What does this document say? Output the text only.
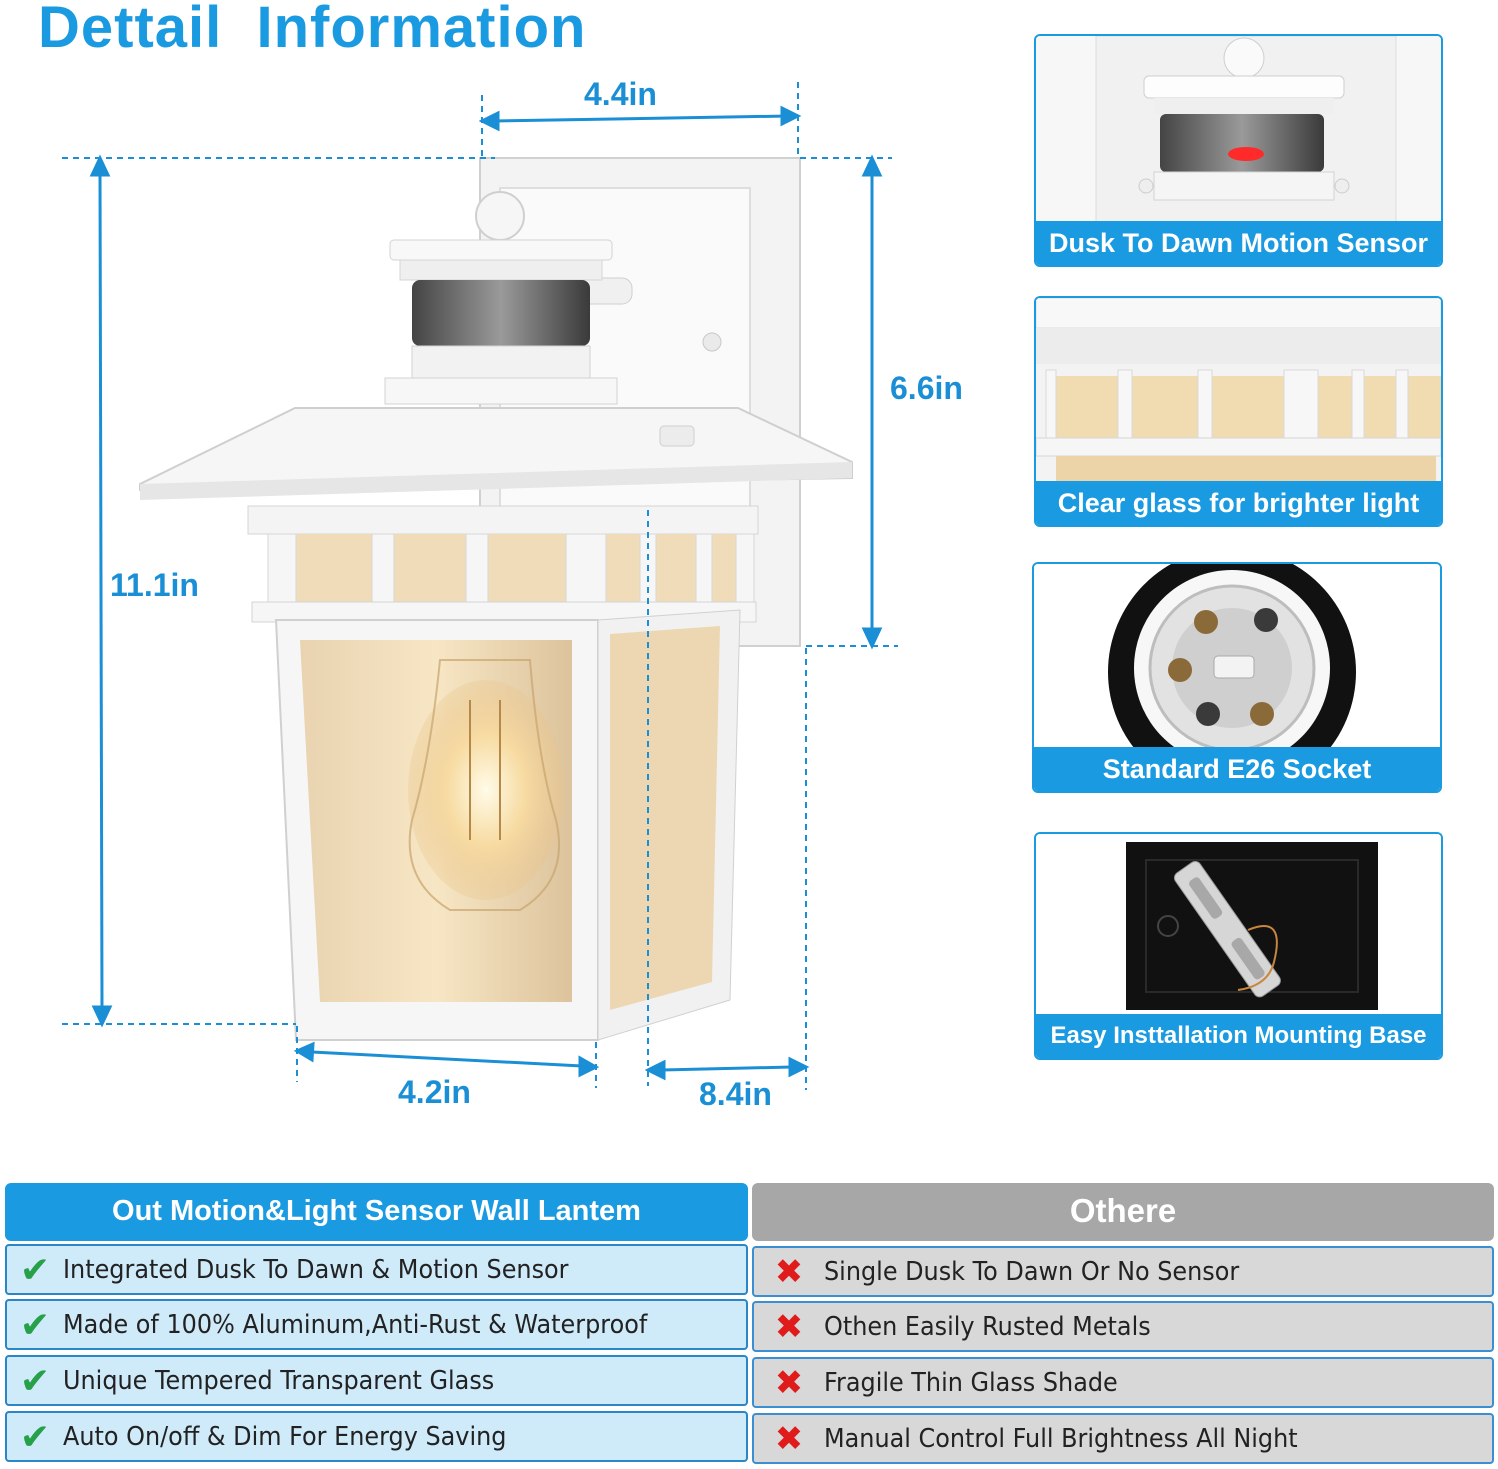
Dettail  Information
4.4in
6.6in
11.1in
4.2in	8.4in
Dusk To Dawn Motion Sensor
Clear glass for brighter light
Standard E26 Socket
Easy Insttallation Mounting Base
Out Motion&Light Sensor Wall Lantem	Othere
✔ Integrated Dusk To Dawn & Motion Sensor
✔ Made of 100% Aluminum,Anti-Rust & Waterproof
✔ Unique Tempered Transparent Glass
✔ Auto On/off & Dim For Energy Saving
✖ Single Dusk To Dawn Or No Sensor
✖ Othen Easily Rusted Metals
✖ Fragile Thin Glass Shade
✖ Manual Control Full Brightness All Night
